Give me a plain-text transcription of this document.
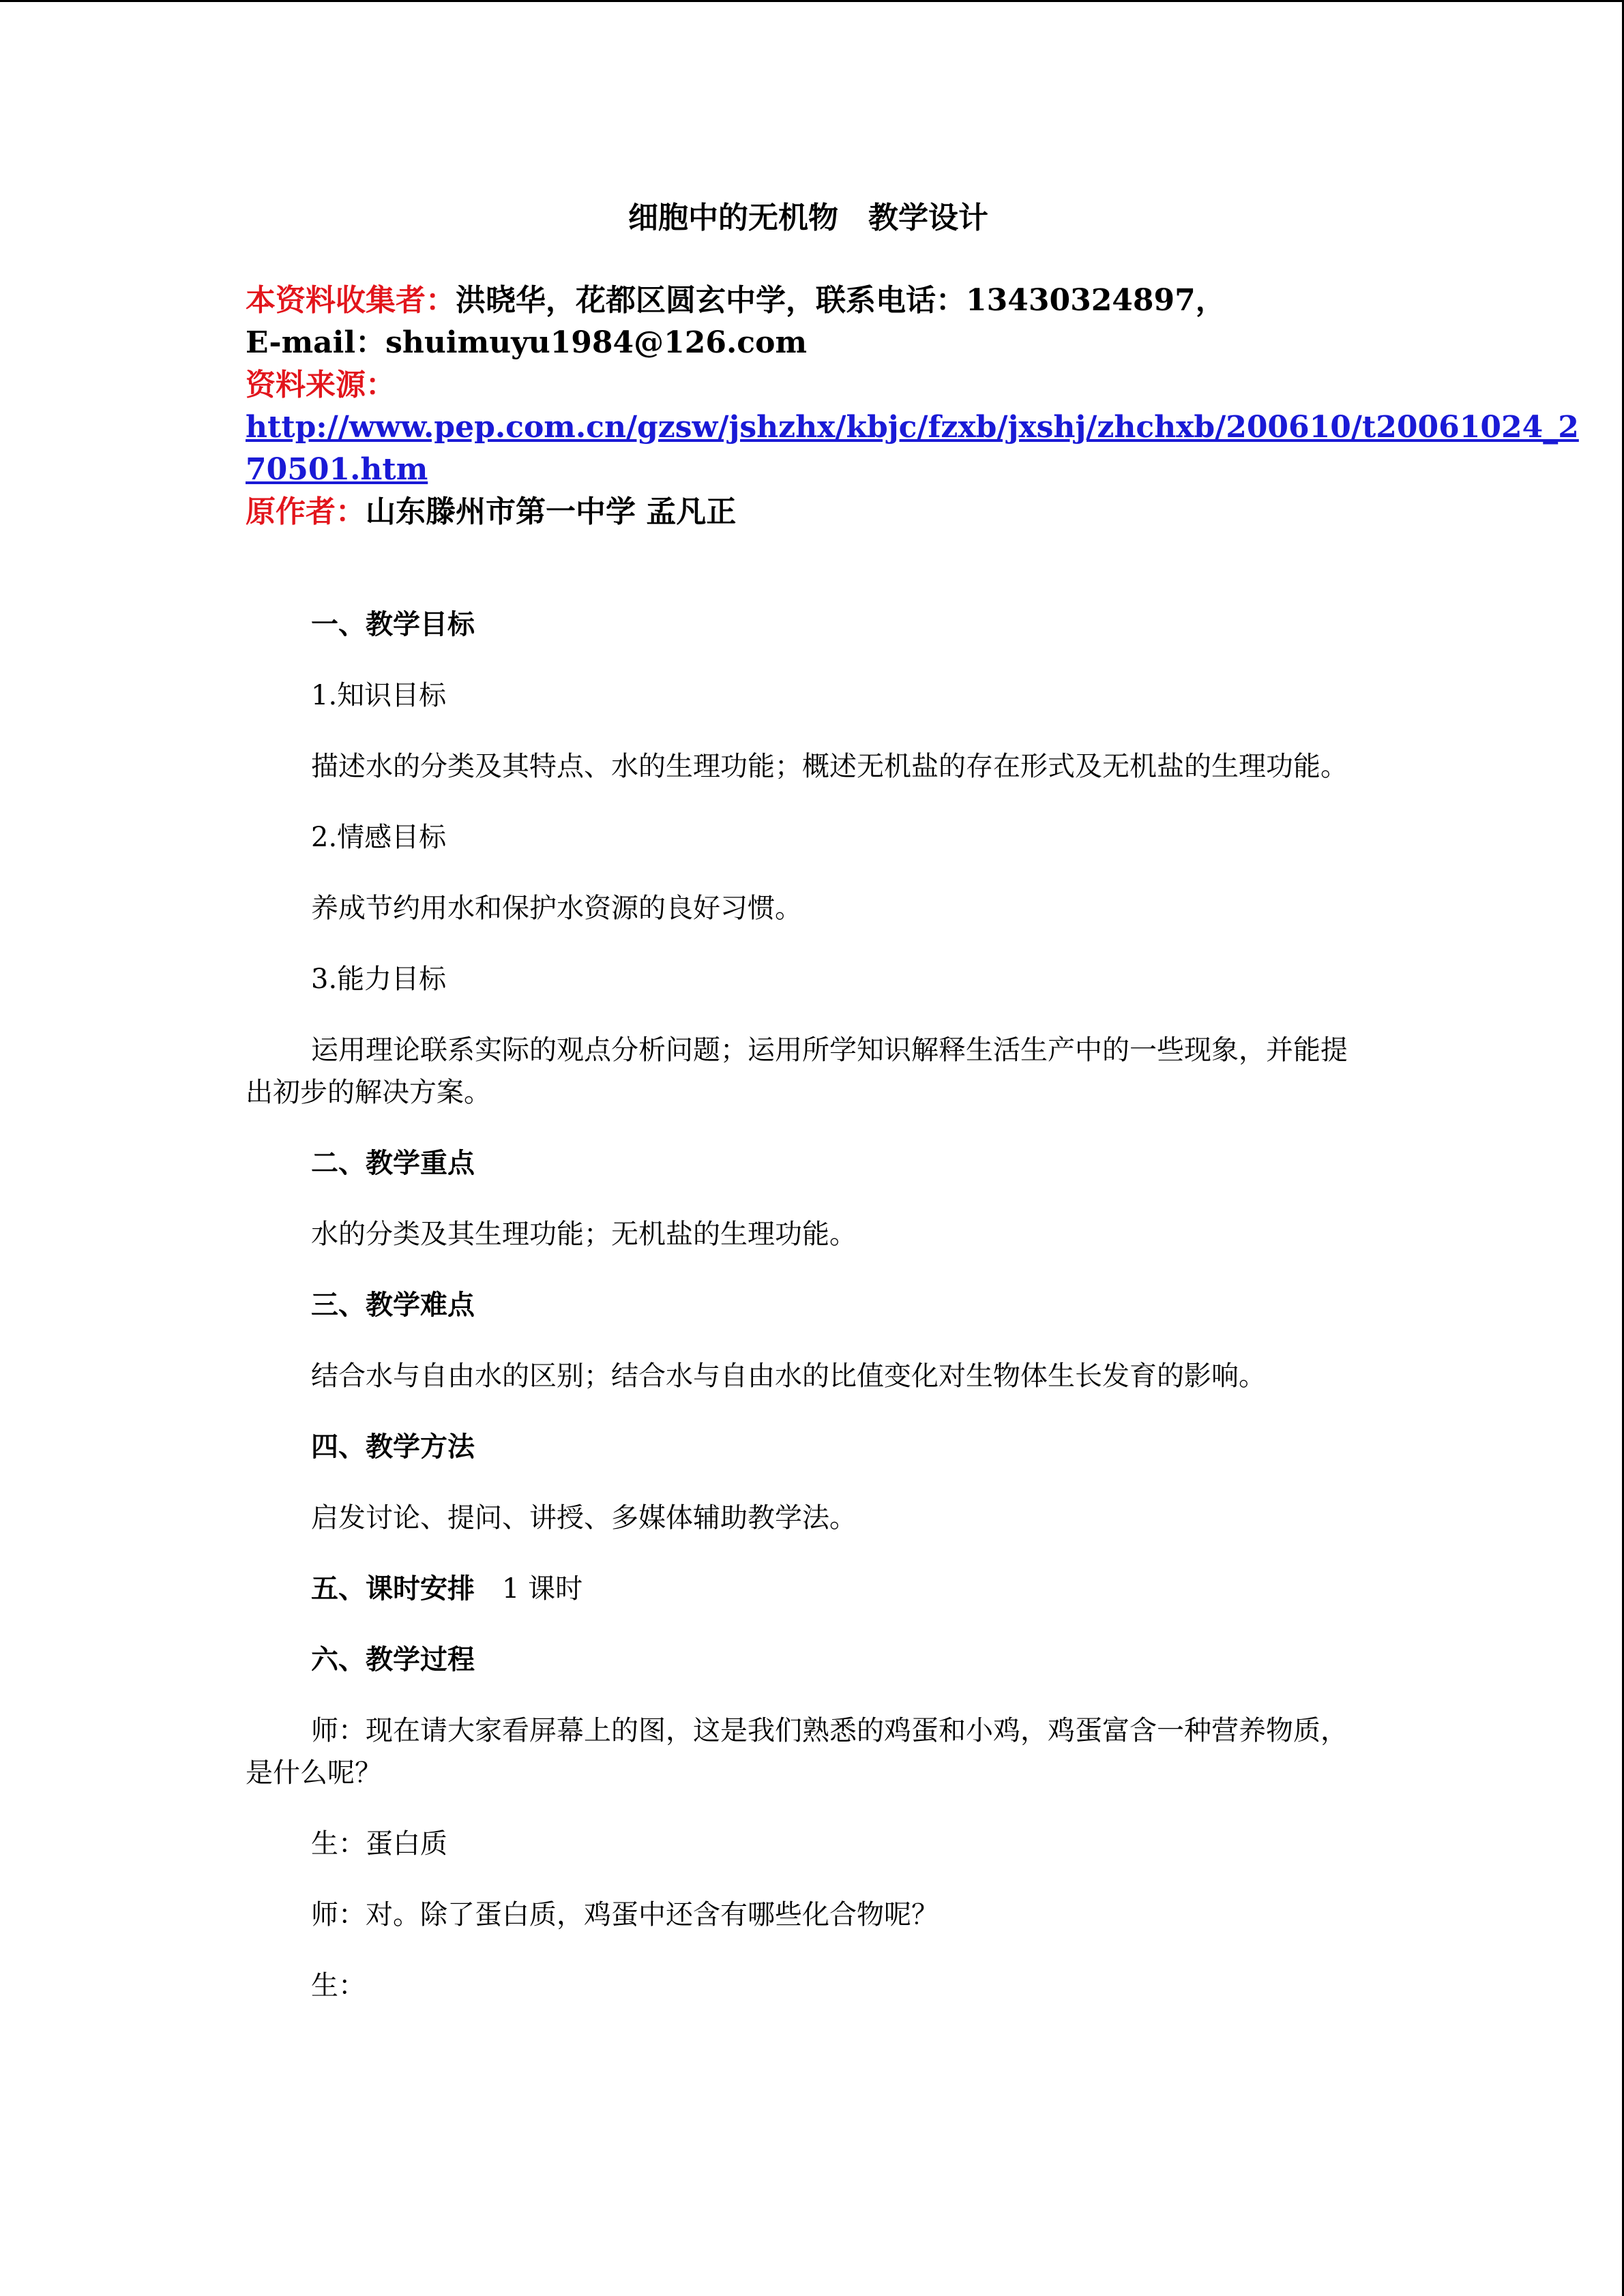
细胞中的无机物　教学设计
本资料收集者：洪晓华，花都区圆玄中学，联系电话：13430324897，
E-mail：shuimuyu1984@126.com
资料来源：
http://www.pep.com.cn/gzsw/jshzhx/kbjc/fzxb/jxshj/zhchxb/200610/t20061024_2
70501.htm
原作者：山东滕州市第一中学 孟凡正

一、教学目标

1.知识目标

描述水的分类及其特点、水的生理功能；概述无机盐的存在形式及无机盐的生理功能。

2.情感目标

养成节约用水和保护水资源的良好习惯。

3.能力目标

运用理论联系实际的观点分析问题；运用所学知识解释生活生产中的一些现象，并能提出初步的解决方案。

二、教学重点

水的分类及其生理功能；无机盐的生理功能。

三、教学难点

结合水与自由水的区别；结合水与自由水的比值变化对生物体生长发育的影响。

四、教学方法

启发讨论、提问、讲授、多媒体辅助教学法。

五、课时安排 1 课时

六、教学过程

师：现在请大家看屏幕上的图，这是我们熟悉的鸡蛋和小鸡，鸡蛋富含一种营养物质，是什么呢？

生：蛋白质

师：对。除了蛋白质，鸡蛋中还含有哪些化合物呢？

生：
